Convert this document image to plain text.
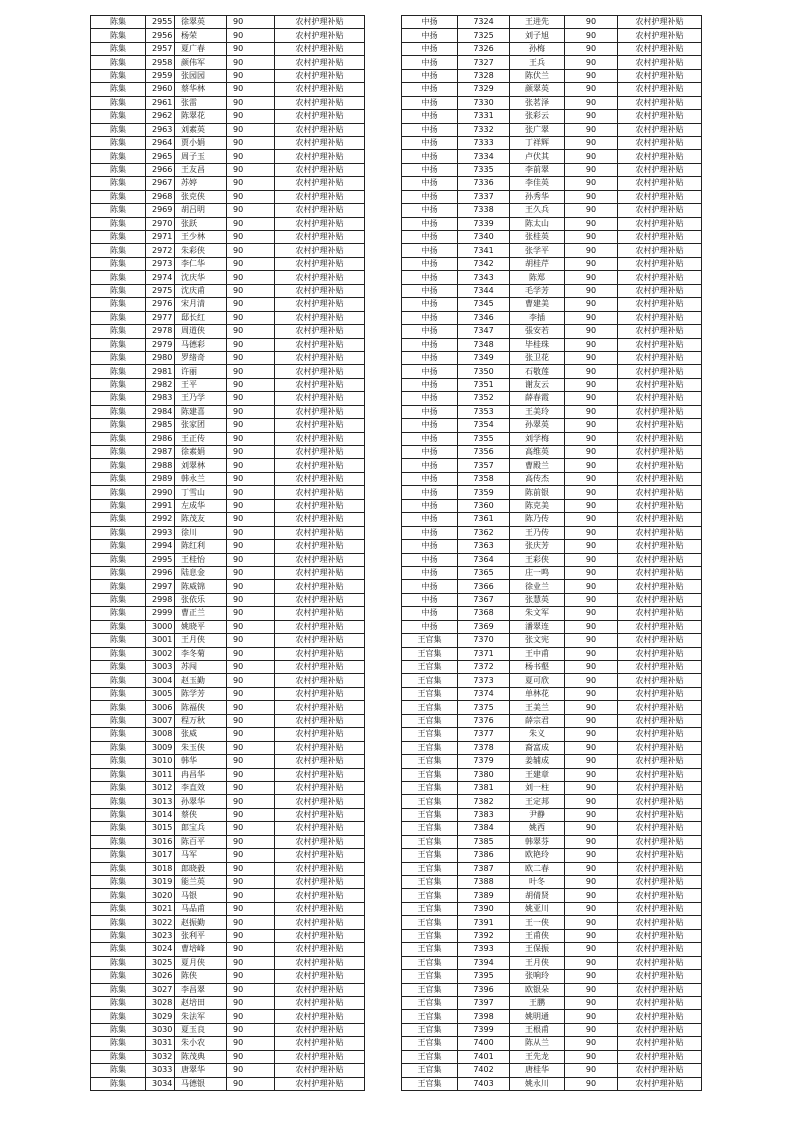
陈集	2955	徐翠英	90	农村护理补贴
陈集	2956	杨荣	90	农村护理补贴
陈集	2957	夏广春	90	农村护理补贴
陈集	2958	颜伟军	90	农村护理补贴
陈集	2959	张园园	90	农村护理补贴
陈集	2960	蔡华林	90	农村护理补贴
陈集	2961	张雷	90	农村护理补贴
陈集	2962	陈翠花	90	农村护理补贴
陈集	2963	刘素英	90	农村护理补贴
陈集	2964	贾小娟	90	农村护理补贴
陈集	2965	周子玉	90	农村护理补贴
陈集	2966	王友昌	90	农村护理补贴
陈集	2967	苏婷	90	农村护理补贴
陈集	2968	张克侠	90	农村护理补贴
陈集	2969	胡吕明	90	农村护理补贴
陈集	2970	张跃	90	农村护理补贴
陈集	2971	王少林	90	农村护理补贴
陈集	2972	朱彩侠	90	农村护理补贴
陈集	2973	李仁华	90	农村护理补贴
陈集	2974	沈庆华	90	农村护理补贴
陈集	2975	沈庆甫	90	农村护理补贴
陈集	2976	宋月清	90	农村护理补贴
陈集	2977	邸长红	90	农村护理补贴
陈集	2978	周道侠	90	农村护理补贴
陈集	2979	马德彩	90	农村护理补贴
陈集	2980	罗绪奇	90	农村护理补贴
陈集	2981	许丽	90	农村护理补贴
陈集	2982	王平	90	农村护理补贴
陈集	2983	王乃学	90	农村护理补贴
陈集	2984	陈建喜	90	农村护理补贴
陈集	2985	张家团	90	农村护理补贴
陈集	2986	王正传	90	农村护理补贴
陈集	2987	徐素娟	90	农村护理补贴
陈集	2988	刘翠林	90	农村护理补贴
陈集	2989	韩永兰	90	农村护理补贴
陈集	2990	丁雪山	90	农村护理补贴
陈集	2991	左成华	90	农村护理补贴
陈集	2992	陈茂友	90	农村护理补贴
陈集	2993	徐川	90	农村护理补贴
陈集	2994	陈红利	90	农村护理补贴
陈集	2995	王桂怡	90	农村护理补贴
陈集	2996	陆息金	90	农村护理补贴
陈集	2997	陈威锦	90	农村护理补贴
陈集	2998	张依乐	90	农村护理补贴
陈集	2999	曹正兰	90	农村护理补贴
陈集	3000	姚晓平	90	农村护理补贴
陈集	3001	王月侠	90	农村护理补贴
陈集	3002	李冬菊	90	农村护理补贴
陈集	3003	苏闯	90	农村护理补贴
陈集	3004	赵玉勤	90	农村护理补贴
陈集	3005	陈学芳	90	农村护理补贴
陈集	3006	陈福侠	90	农村护理补贴
陈集	3007	程万秋	90	农村护理补贴
陈集	3008	张威	90	农村护理补贴
陈集	3009	朱玉侠	90	农村护理补贴
陈集	3010	韩华	90	农村护理补贴
陈集	3011	冉昌华	90	农村护理补贴
陈集	3012	李直效	90	农村护理补贴
陈集	3013	孙翠华	90	农村护理补贴
陈集	3014	蔡侠	90	农村护理补贴
陈集	3015	郎宝兵	90	农村护理补贴
陈集	3016	陈百平	90	农村护理补贴
陈集	3017	马军	90	农村护理补贴
陈集	3018	郎晓毅	90	农村护理补贴
陈集	3019	能兰英	90	农村护理补贴
陈集	3020	马银	90	农村护理补贴
陈集	3021	马品甫	90	农村护理补贴
陈集	3022	赵振勤	90	农村护理补贴
陈集	3023	张利平	90	农村护理补贴
陈集	3024	曹培峰	90	农村护理补贴
陈集	3025	夏月侠	90	农村护理补贴
陈集	3026	陈侠	90	农村护理补贴
陈集	3027	李昌翠	90	农村护理补贴
陈集	3028	赵培田	90	农村护理补贴
陈集	3029	朱法军	90	农村护理补贴
陈集	3030	夏玉良	90	农村护理补贴
陈集	3031	朱小农	90	农村护理补贴
陈集	3032	陈茂典	90	农村护理补贴
陈集	3033	唐翠华	90	农村护理补贴
陈集	3034	马德银	90	农村护理补贴
中扬	7324	王进先	90	农村护理补贴
中扬	7325	刘子旭	90	农村护理补贴
中扬	7326	孙梅	90	农村护理补贴
中扬	7327	王兵	90	农村护理补贴
中扬	7328	陈伏兰	90	农村护理补贴
中扬	7329	颜翠英	90	农村护理补贴
中扬	7330	张茗泽	90	农村护理补贴
中扬	7331	张彩云	90	农村护理补贴
中扬	7332	张广翠	90	农村护理补贴
中扬	7333	丁祥辉	90	农村护理补贴
中扬	7334	卢伏其	90	农村护理补贴
中扬	7335	李前翠	90	农村护理补贴
中扬	7336	李佳英	90	农村护理补贴
中扬	7337	孙秀华	90	农村护理补贴
中扬	7338	王久兵	90	农村护理补贴
中扬	7339	陈太山	90	农村护理补贴
中扬	7340	张桂英	90	农村护理补贴
中扬	7341	张学平	90	农村护理补贴
中扬	7342	胡桂芹	90	农村护理补贴
中扬	7343	陈郑	90	农村护理补贴
中扬	7344	毛学芳	90	农村护理补贴
中扬	7345	曹建美	90	农村护理补贴
中扬	7346	李插	90	农村护理补贴
中扬	7347	張安若	90	农村护理补贴
中扬	7348	毕桂珠	90	农村护理补贴
中扬	7349	张卫花	90	农村护理补贴
中扬	7350	石敬莲	90	农村护理补贴
中扬	7351	谢友云	90	农村护理补贴
中扬	7352	薛春霞	90	农村护理补贴
中扬	7353	王美玲	90	农村护理补贴
中扬	7354	孙翠英	90	农村护理补贴
中扬	7355	刘学梅	90	农村护理补贴
中扬	7356	高维英	90	农村护理补贴
中扬	7357	曹殿兰	90	农村护理补贴
中扬	7358	高传杰	90	农村护理补贴
中扬	7359	陈前银	90	农村护理补贴
中扬	7360	陈克美	90	农村护理补贴
中扬	7361	陈乃传	90	农村护理补贴
中扬	7362	王乃传	90	农村护理补贴
中扬	7363	张庆芳	90	农村护理补贴
中扬	7364	王彩侠	90	农村护理补贴
中扬	7365	庄一鸣	90	农村护理补贴
中扬	7366	徐业兰	90	农村护理补贴
中扬	7367	张慧英	90	农村护理补贴
中扬	7368	朱文军	90	农村护理补贴
中扬	7369	潘翠连	90	农村护理补贴
王官集	7370	张文宪	90	农村护理补贴
王官集	7371	王中甫	90	农村护理补贴
王官集	7372	杨书壑	90	农村护理补贴
王官集	7373	夏可欣	90	农村护理补贴
王官集	7374	单林花	90	农村护理补贴
王官集	7375	王美兰	90	农村护理补贴
王官集	7376	薛宗君	90	农村护理补贴
王官集	7377	朱义	90	农村护理补贴
王官集	7378	裔富成	90	农村护理补贴
王官集	7379	姜辅成	90	农村护理补贴
王官集	7380	王建章	90	农村护理补贴
王官集	7381	刘一柱	90	农村护理补贴
王官集	7382	王定邦	90	农村护理补贴
王官集	7383	尹静	90	农村护理补贴
王官集	7384	姚西	90	农村护理补贴
王官集	7385	韩翠芬	90	农村护理补贴
王官集	7386	欧艳玲	90	农村护理补贴
王官集	7387	欧二春	90	农村护理补贴
王官集	7388	叶冬	90	农村护理补贴
王官集	7389	胡倩贤	90	农村护理补贴
王官集	7390	姚亚川	90	农村护理补贴
王官集	7391	王一侠	90	农村护理补贴
王官集	7392	王甫侠	90	农村护理补贴
王官集	7393	王保振	90	农村护理补贴
王官集	7394	王月侠	90	农村护理补贴
王官集	7395	张响玲	90	农村护理补贴
王官集	7396	欧银朵	90	农村护理补贴
王官集	7397	王鹏	90	农村护理补贴
王官集	7398	姚明通	90	农村护理补贴
王官集	7399	王根甫	90	农村护理补贴
王官集	7400	陈从兰	90	农村护理补贴
王官集	7401	王先龙	90	农村护理补贴
王官集	7402	唐桂华	90	农村护理补贴
王官集	7403	姚永川	90	农村护理补贴
